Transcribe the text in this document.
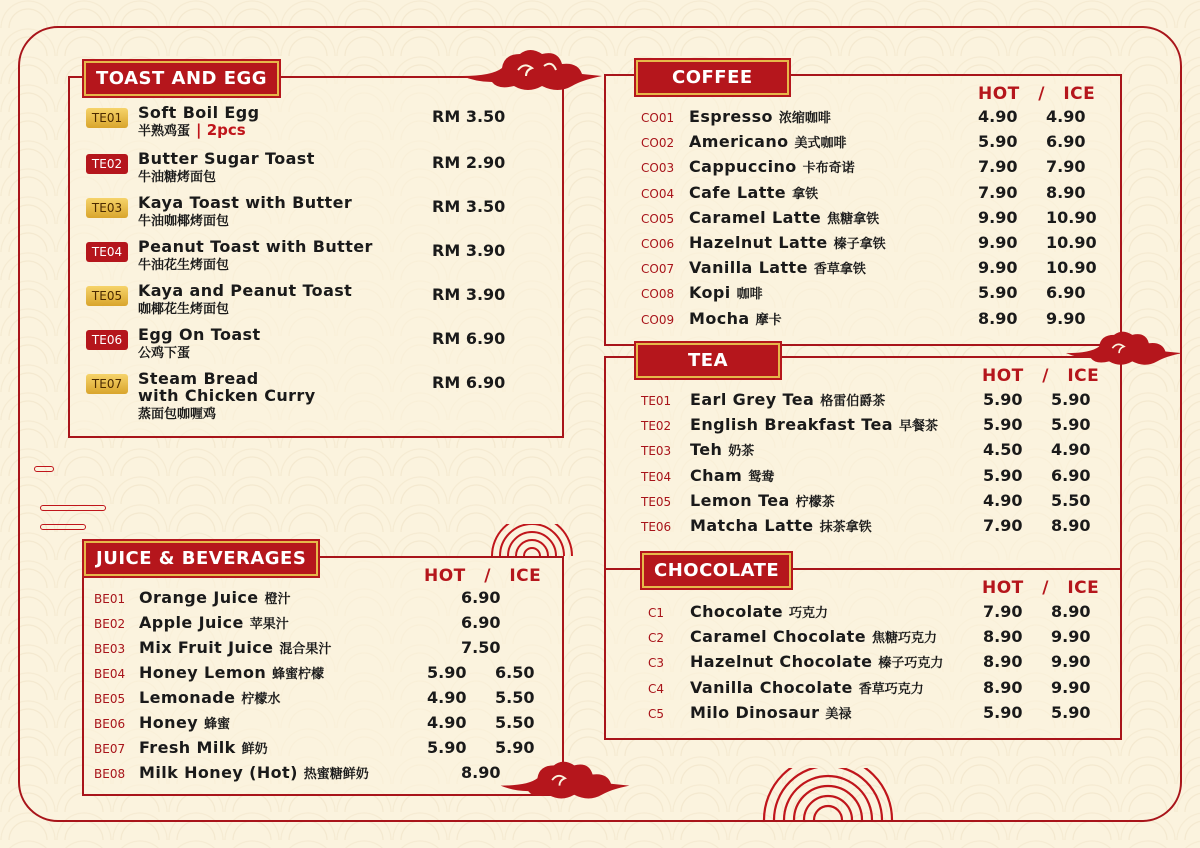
TOAST AND EGG
TE01 Soft Boil Egg
半熟鸡蛋 | 2pcs
RM 3.50
TE02 Butter Sugar Toast
牛油糖烤面包
RM 2.90
TE03 Kaya Toast with Butter
牛油咖椰烤面包
RM 3.50
TE04 Peanut Toast with Butter
牛油花生烤面包
RM 3.90
TE05 Kaya and Peanut Toast
咖椰花生烤面包
RM 3.90
TE06 Egg On Toast
公鸡下蛋
RM 6.90
TE07 Steam Bread
with Chicken Curry
蒸面包咖喱鸡
RM 6.90
JUICE & BEVERAGES
HOT / ICE
BE01 Orange Juice 橙汁	6.90
BE02 Apple Juice 苹果汁	6.90
BE03 Mix Fruit Juice 混合果汁	7.50
BE04 Honey Lemon 蜂蜜柠檬	5.90 6.50
BE05 Lemonade 柠檬水	4.90 5.50
BE06 Honey 蜂蜜	4.90 5.50
BE07 Fresh Milk 鲜奶	5.90 5.90
BE08 Milk Honey (Hot) 热蜜糖鲜奶	8.90
COFFEE
HOT / ICE
CO01 Espresso 浓缩咖啡	4.90 4.90
CO02 Americano 美式咖啡	5.90 6.90
CO03 Cappuccino 卡布奇诺	7.90 7.90
CO04 Cafe Latte 拿铁	7.90 8.90
CO05 Caramel Latte 焦糖拿铁	9.90 10.90
CO06 Hazelnut Latte 榛子拿铁	9.90 10.90
CO07 Vanilla Latte 香草拿铁	9.90 10.90
CO08 Kopi 咖啡	5.90 6.90
CO09 Mocha 摩卡	8.90 9.90
TEA
HOT / ICE
TE01 Earl Grey Tea 格雷伯爵茶	5.90 5.90
TE02 English Breakfast Tea 早餐茶	5.90 5.90
TE03 Teh 奶茶	4.50 4.90
TE04 Cham 鸳鸯	5.90 6.90
TE05 Lemon Tea 柠檬茶	4.90 5.50
TE06 Matcha Latte 抹茶拿铁	7.90 8.90
CHOCOLATE
HOT / ICE
C1 Chocolate 巧克力	7.90 8.90
C2 Caramel Chocolate 焦糖巧克力	8.90 9.90
C3 Hazelnut Chocolate 榛子巧克力 8.90 9.90
C4 Vanilla Chocolate 香草巧克力	8.90 9.90
C5 Milo Dinosaur 美禄	5.90 5.90
